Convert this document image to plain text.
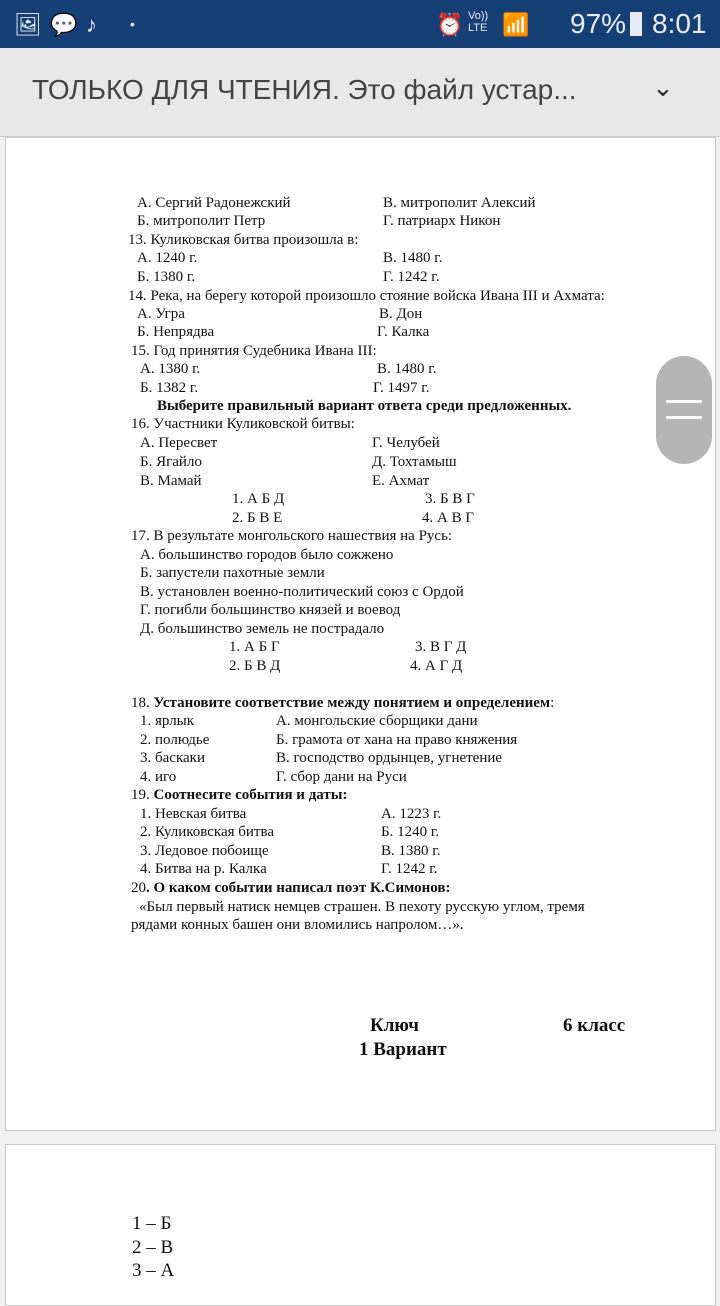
🖼 💬 ♪ •	⏰ Vo)) LTE 📶 97% 8:01
ТОЛЬКО ДЛЯ ЧТЕНИЯ. Это файл устар...	⌄
А. Сергий Радонежский	В. митрополит Алексий
Б. митрополит Петр	Г. патриарх Никон
13. Куликовская битва произошла в:
А. 1240 г.	В. 1480 г.
Б. 1380 г.	Г. 1242 г.
14. Река, на берегу которой произошло стояние войска Ивана III и Ахмата:
А. Угра	В. Дон
Б. Непрядва	Г. Калка
15. Год принятия Судебника Ивана III:
А. 1380 г.	В. 1480 г.
Б. 1382 г.	Г. 1497 г.
Выберите правильный вариант ответа среди предложенных.
16. Участники Куликовской битвы:
А. Пересвет	Г. Челубей
Б. Ягайло	Д. Тохтамыш
В. Мамай	Е. Ахмат
1. А Б Д	3. Б В Г
2. Б В Е	4. А В Г
17. В результате монгольского нашествия на Русь:
А. большинство городов было сожжено
Б. запустели пахотные земли
В. установлен военно-политический союз с Ордой
Г. погибли большинство князей и воевод
Д. большинство земель не пострадало
1. А Б Г	3. В Г Д
2. Б В Д	4. А Г Д
18. Установите соответствие между понятием и определением:
1. ярлык	А. монгольские сборщики дани
2. полюдье	Б. грамота от хана на право княжения
3. баскаки	В. господство ордынцев, угнетение
4. иго	Г. сбор дани на Руси
19. Соотнесите события и даты:
1. Невская битва	А. 1223 г.
2. Куликовская битва	Б. 1240 г.
3. Ледовое побоище	В. 1380 г.
4. Битва на р. Калка	Г. 1242 г.
20. О каком событии написал поэт К.Симонов:
«Был первый натиск немцев страшен. В пехоту русскую углом, тремя
рядами конных башен они вломились напролом…».
Ключ	6 класс
1 Вариант
1 – Б
2 – В
3 – А
